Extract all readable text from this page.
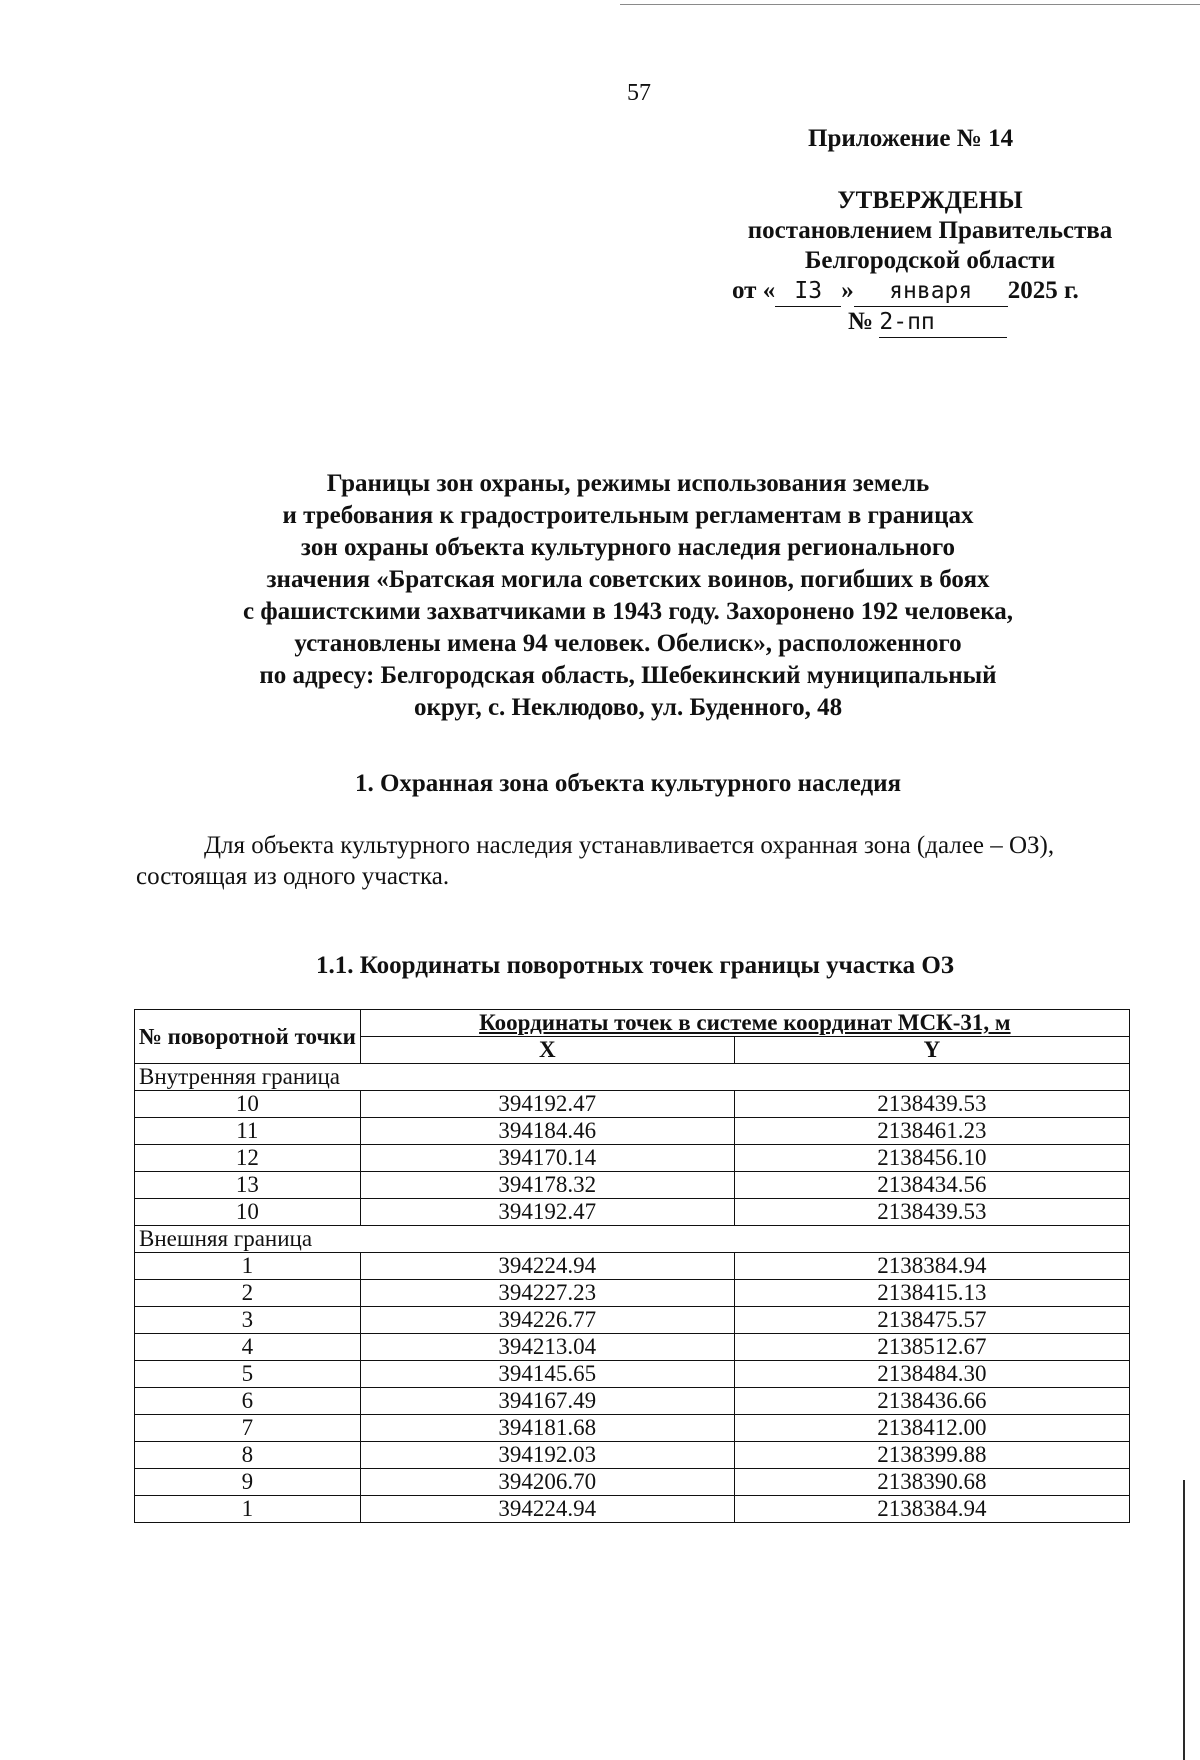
57
Приложение № 14
УТВЕРЖДЕНЫ
постановлением Правительства
Белгородской области
от « I3 » января 2025 г.
№ 2-пп
Границы зон охраны, режимы использования земель
и требования к градостроительным регламентам в границах
зон охраны объекта культурного наследия регионального
значения «Братская могила советских воинов, погибших в боях
с фашистскими захватчиками в 1943 году. Захоронено 192 человека,
установлены имена 94 человек. Обелиск», расположенного
по адресу: Белгородская область, Шебекинский муниципальный
округ, с. Неклюдово, ул. Буденного, 48
1. Охранная зона объекта культурного наследия
Для объекта культурного наследия устанавливается охранная зона (далее – ОЗ), состоящая из одного участка.
1.1. Координаты поворотных точек границы участка ОЗ
№ поворотной точки	Координаты точек в системе координат МСК-31, м	
	X	Y
Внутренняя граница		
10	394192.47	2138439.53
11	394184.46	2138461.23
12	394170.14	2138456.10
13	394178.32	2138434.56
10	394192.47	2138439.53
Внешняя граница		
1	394224.94	2138384.94
2	394227.23	2138415.13
3	394226.77	2138475.57
4	394213.04	2138512.67
5	394145.65	2138484.30
6	394167.49	2138436.66
7	394181.68	2138412.00
8	394192.03	2138399.88
9	394206.70	2138390.68
1	394224.94	2138384.94
